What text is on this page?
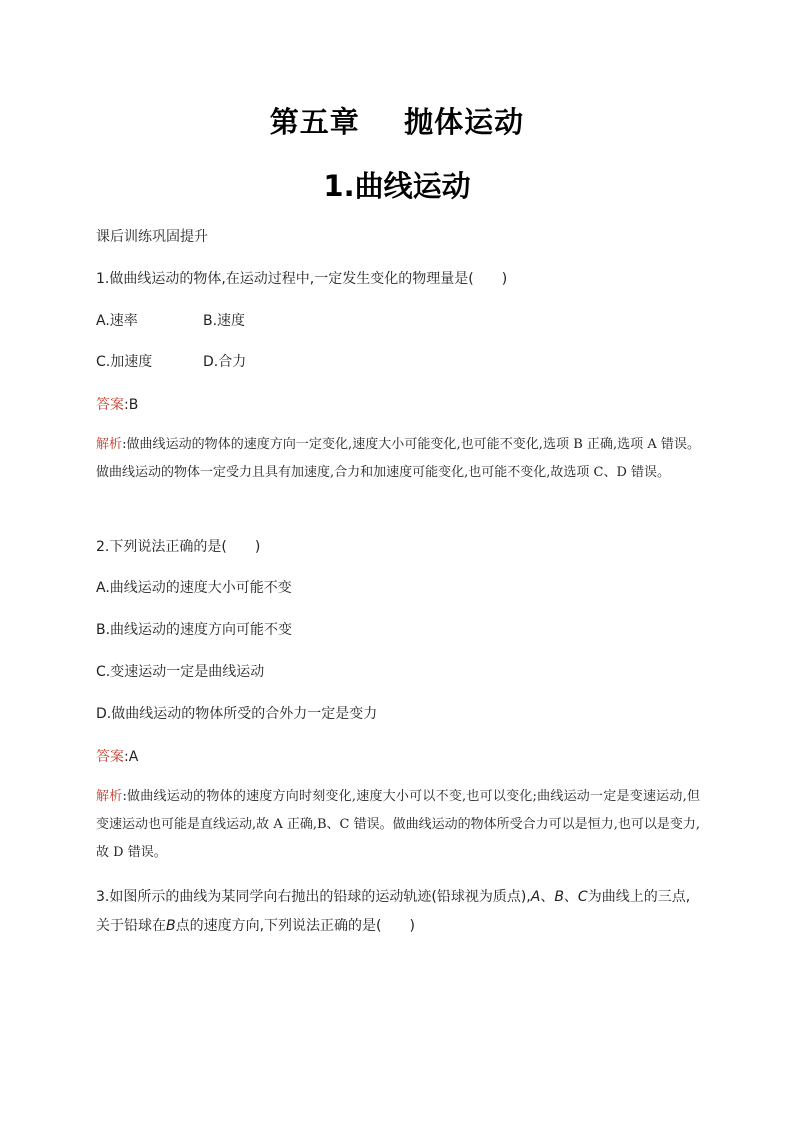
第五章    抛体运动
1.曲线运动
课后训练巩固提升
1.做曲线运动的物体,在运动过程中,一定发生变化的物理量是(　　)
A.速率	B.速度
C.加速度	D.合力
答案:B
解析:做曲线运动的物体的速度方向一定变化,速度大小可能变化,也可能不变化,选项 B 正确,选项 A 错误。做曲线运动的物体一定受力且具有加速度,合力和加速度可能变化,也可能不变化,故选项 C、D 错误。
2.下列说法正确的是(　　)
A.曲线运动的速度大小可能不变
B.曲线运动的速度方向可能不变
C.变速运动一定是曲线运动
D.做曲线运动的物体所受的合外力一定是变力
答案:A
解析:做曲线运动的物体的速度方向时刻变化,速度大小可以不变,也可以变化;曲线运动一定是变速运动,但变速运动也可能是直线运动,故 A 正确,B、C 错误。做曲线运动的物体所受合力可以是恒力,也可以是变力,故 D 错误。
3.如图所示的曲线为某同学向右抛出的铅球的运动轨迹(铅球视为质点),A、B、C为曲线上的三点,关于铅球在B点的速度方向,下列说法正确的是(　　)
